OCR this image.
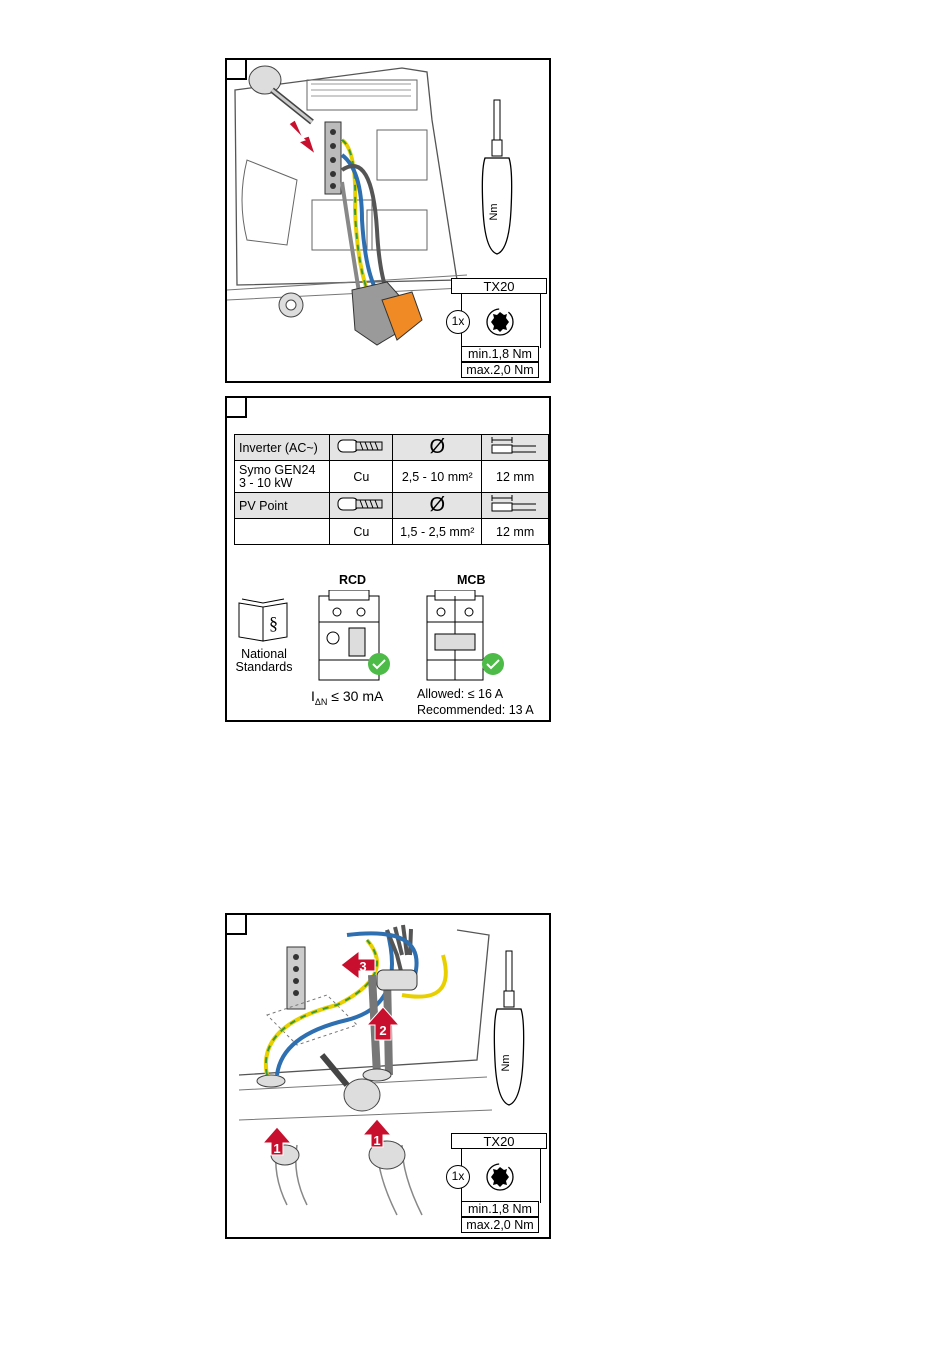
Nm
TX20
min.1,8 Nm
max.2,0 Nm
1x
Inverter (AC~)		Ø	

Symo GEN24
3 - 10 kW	Cu	2,5 - 10 mm²	12 mm
PV Point		Ø	
	Cu	1,5 - 2,5 mm²	12 mm
§
National
Standards
RCD
$I_{\Delta N} \le 30$ mA
MCB
Allowed: ≤ 16 A
Recommended: 13 A
1
1
2
3
Nm
TX20
min.1,8 Nm
max.2,0 Nm
1x
